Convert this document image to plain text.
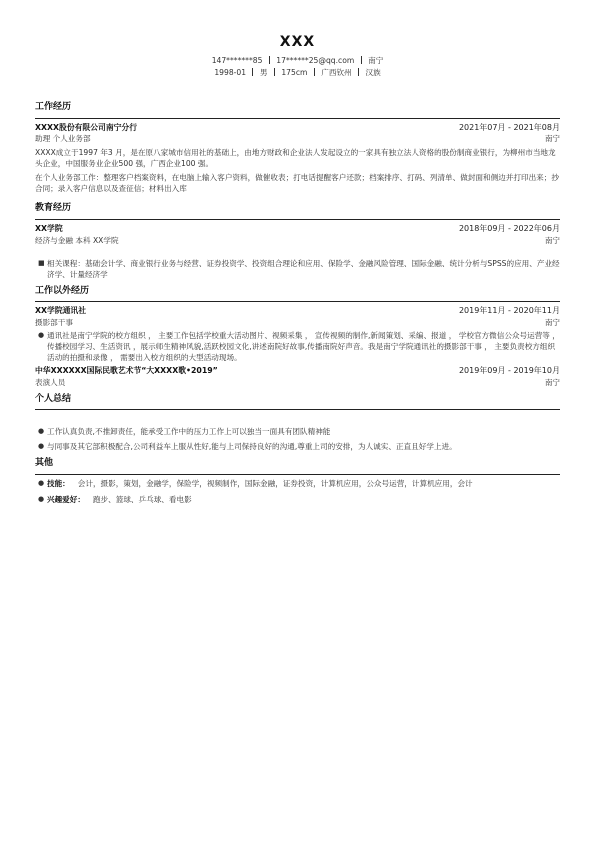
XXX
147*******85 17******25@qq.com 南宁
1998-01 男 175cm 广西钦州 汉族
工作经历
XXXX股份有限公司南宁分行	2021年07月 - 2021年08月
助理 个人业务部	南宁

XXXX成立于1997 年3 月，是在原八家城市信用社的基础上，由地方财政和企业法人发起设立的一家具有独立法人资格的股份制商业银行，为柳州市当地龙头企业，中国服务业企业500 强，广西企业100 强。

在个人业务部工作：整理客户档案资料，在电脑上输入客户资料，做催收表；打电话提醒客户还款；档案排序、打码、列清单、做封面和侧边并打印出来；抄合同；录入客户信息以及查征信；材料出入库

教育经历
XX学院	2018年09月 - 2022年06月
经济与金融 本科 XX学院	南宁
■ 相关课程：基础会计学、商业银行业务与经营、证券投资学、投资组合理论和应用、保险学、金融风险管理、国际金融、统计分析与SPSS的应用、产业经济学、计量经济学
工作以外经历
XX学院通讯社	2019年11月 - 2020年11月
摄影部干事	南宁
● 通讯社是南宁学院的校方组织 ， 主要工作包括学校重大活动图片、视频采集 ， 宣传视频的制作,新闻策划、采编、报道 ， 学校官方微信公众号运营等 ， 传播校园学习、生活资讯 ，展示师生精神风貌,活跃校园文化,讲述南院好故事,传播南院好声音。我是南宁学院通讯社的摄影部干事 ， 主要负责校方组织活动的拍摄和录像 ， 需要出入校方组织的大型活动现场。
中华XXXXXX国际民歌艺术节“大XXXX歌•2019”	2019年09月 - 2019年10月
表演人员	南宁
个人总结
● 工作认真负责,不推卸责任，能承受工作中的压力工作上可以独当一面具有团队精神能
● 与同事及其它部积极配合,公司利益车上服从性好,能与上司保持良好的沟通,尊重上司的安排，为人诚实、正直且好学上进。
其他
● 技能： 会计，摄影，策划，金融学，保险学，视频制作，国际金融，证券投资，计算机应用，公众号运营，计算机应用，会计
● 兴趣爱好： 跑步、篮球、乒乓球、看电影
